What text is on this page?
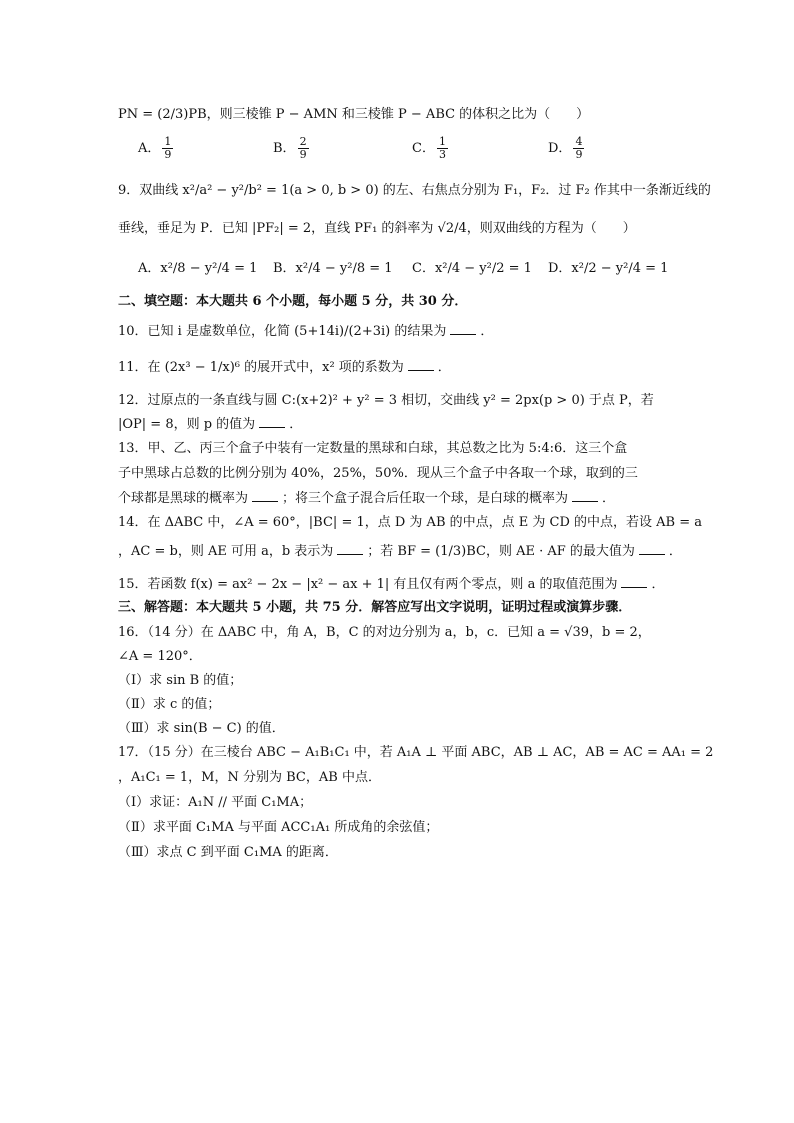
PN = (2/3)PB，则三棱锥 P − AMN 和三棱锥 P − ABC 的体积之比为（　　）
A． $\frac{1}{9}$	B． $\frac{2}{9}$	C． $\frac{1}{3}$	D． $\frac{4}{9}$
9．双曲线 x²/a² − y²/b² = 1(a > 0, b > 0) 的左、右焦点分别为 F₁，F₂．过 F₂ 作其中一条渐近线的
垂线，垂足为 P．已知 |PF₂| = 2，直线 PF₁ 的斜率为 √2/4，则双曲线的方程为（　　）
A．x²/8 − y²/4 = 1 B．x²/4 − y²/8 = 1 C．x²/4 − y²/2 = 1 D．x²/2 − y²/4 = 1
二、填空题：本大题共 6 个小题，每小题 5 分，共 30 分．
10．已知 i 是虚数单位，化简 (5+14i)/(2+3i) 的结果为	．
11．在 (2x³ − 1/x)⁶ 的展开式中，x² 项的系数为	．
12．过原点的一条直线与圆 C:(x+2)² + y² = 3 相切，交曲线 y² = 2px(p > 0) 于点 P，若
|OP| = 8，则 p 的值为	．
13．甲、乙、丙三个盒子中装有一定数量的黑球和白球，其总数之比为 5:4:6．这三个盒
子中黑球占总数的比例分别为 40%，25%，50%．现从三个盒子中各取一个球，取到的三
个球都是黑球的概率为	；将三个盒子混合后任取一个球，是白球的概率为	．
14．在 ΔABC 中，∠A = 60°，|BC| = 1，点 D 为 AB 的中点，点 E 为 CD 的中点，若设 AB = a
，AC = b，则 AE 可用 a，b 表示为	；若 BF = (1/3)BC，则 AE · AF 的最大值为	．
15．若函数 f(x) = ax² − 2x − |x² − ax + 1| 有且仅有两个零点，则 a 的取值范围为	．
三、解答题：本大题共 5 小题，共 75 分．解答应写出文字说明，证明过程或演算步骤．
16．（14 分）在 ΔABC 中，角 A，B，C 的对边分别为 a，b，c．已知 a = √39，b = 2，
∠A = 120°．
（Ⅰ）求 sin B 的值；
（Ⅱ）求 c 的值；
（Ⅲ）求 sin(B − C) 的值．
17．（15 分）在三棱台 ABC − A₁B₁C₁ 中，若 A₁A ⊥ 平面 ABC，AB ⊥ AC，AB = AC = AA₁ = 2
，A₁C₁ = 1，M，N 分别为 BC，AB 中点．
（Ⅰ）求证：A₁N // 平面 C₁MA；
（Ⅱ）求平面 C₁MA 与平面 ACC₁A₁ 所成角的余弦值；
（Ⅲ）求点 C 到平面 C₁MA 的距离．
